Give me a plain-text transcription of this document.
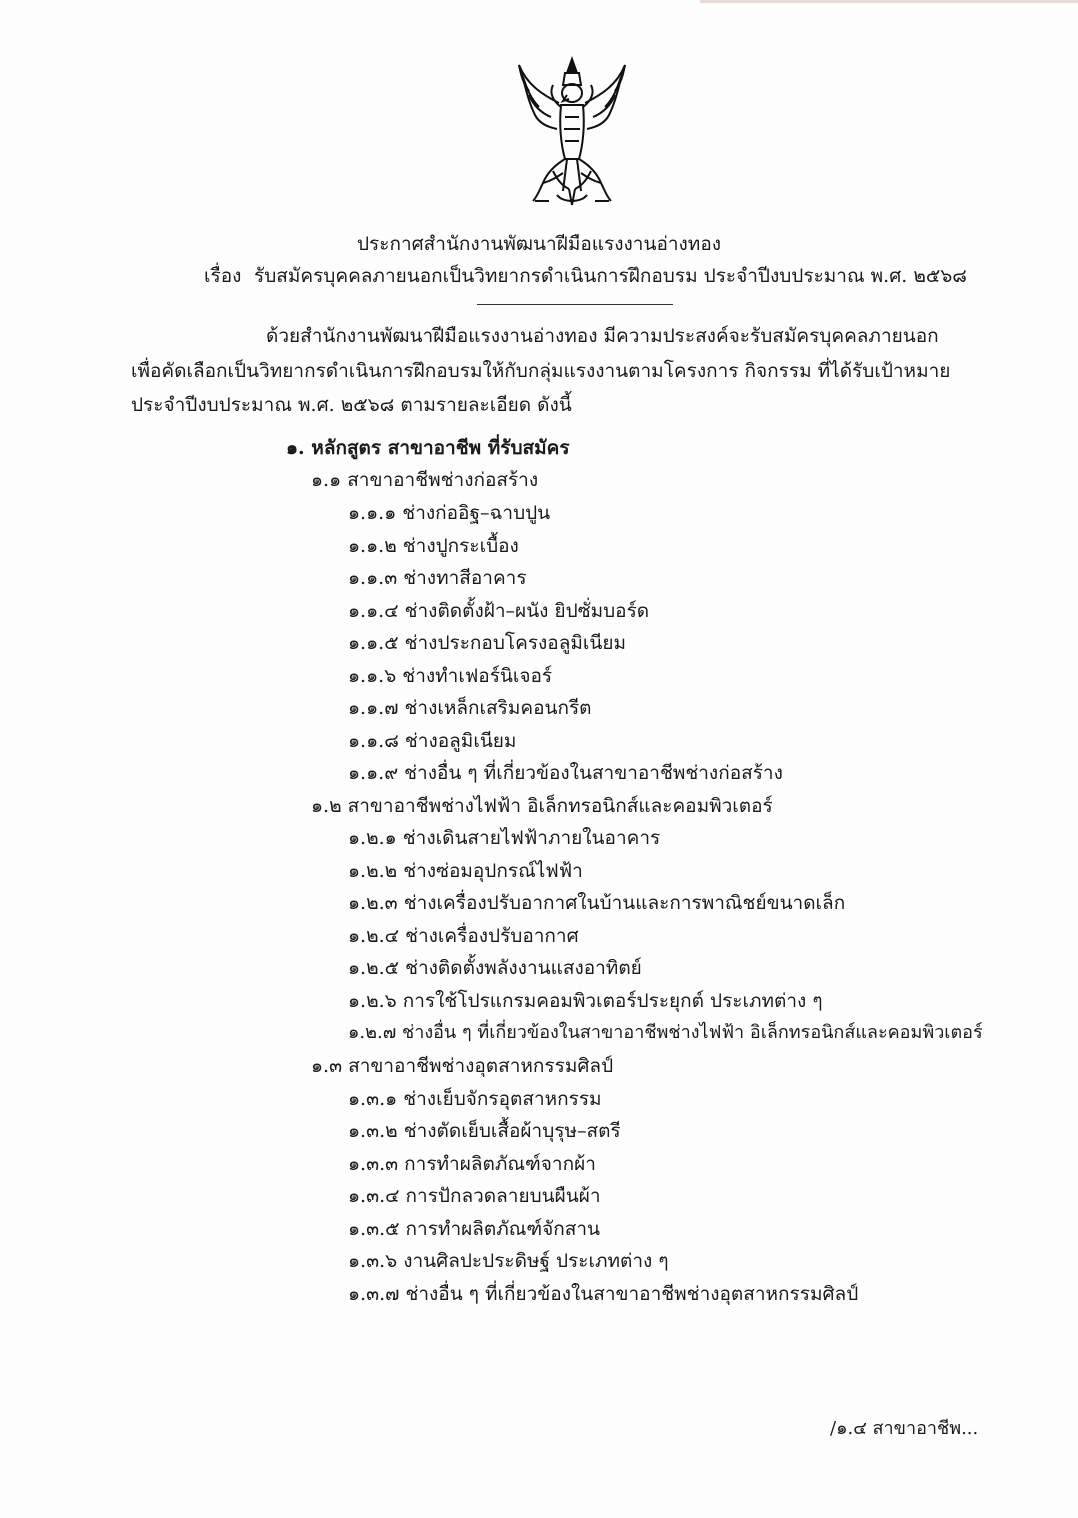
ประกาศสำนักงานพัฒนาฝีมือแรงงานอ่างทอง
เรื่อง รับสมัครบุคคลภายนอกเป็นวิทยากรดำเนินการฝึกอบรม ประจำปีงบประมาณ พ.ศ. ๒๕๖๘
ด้วยสำนักงานพัฒนาฝีมือแรงงานอ่างทอง มีความประสงค์จะรับสมัครบุคคลภายนอก
เพื่อคัดเลือกเป็นวิทยากรดำเนินการฝึกอบรมให้กับกลุ่มแรงงานตามโครงการ กิจกรรม ที่ได้รับเป้าหมาย
ประจำปีงบประมาณ พ.ศ. ๒๕๖๘ ตามรายละเอียด ดังนี้
๑. หลักสูตร สาขาอาชีพ ที่รับสมัคร
๑.๑ สาขาอาชีพช่างก่อสร้าง
๑.๑.๑ ช่างก่ออิฐ–ฉาบปูน
๑.๑.๒ ช่างปูกระเบื้อง
๑.๑.๓ ช่างทาสีอาคาร
๑.๑.๔ ช่างติดตั้งฝ้า–ผนัง ยิปซั่มบอร์ด
๑.๑.๕ ช่างประกอบโครงอลูมิเนียม
๑.๑.๖ ช่างทำเฟอร์นิเจอร์
๑.๑.๗ ช่างเหล็กเสริมคอนกรีต
๑.๑.๘ ช่างอลูมิเนียม
๑.๑.๙ ช่างอื่น ๆ ที่เกี่ยวข้องในสาขาอาชีพช่างก่อสร้าง
๑.๒ สาขาอาชีพช่างไฟฟ้า อิเล็กทรอนิกส์และคอมพิวเตอร์
๑.๒.๑ ช่างเดินสายไฟฟ้าภายในอาคาร
๑.๒.๒ ช่างซ่อมอุปกรณ์ไฟฟ้า
๑.๒.๓ ช่างเครื่องปรับอากาศในบ้านและการพาณิชย์ขนาดเล็ก
๑.๒.๔ ช่างเครื่องปรับอากาศ
๑.๒.๕ ช่างติดตั้งพลังงานแสงอาทิตย์
๑.๒.๖ การใช้โปรแกรมคอมพิวเตอร์ประยุกต์ ประเภทต่าง ๆ
๑.๒.๗ ช่างอื่น ๆ ที่เกี่ยวข้องในสาขาอาชีพช่างไฟฟ้า อิเล็กทรอนิกส์และคอมพิวเตอร์
๑.๓ สาขาอาชีพช่างอุตสาหกรรมศิลป์
๑.๓.๑ ช่างเย็บจักรอุตสาหกรรม
๑.๓.๒ ช่างตัดเย็บเสื้อผ้าบุรุษ–สตรี
๑.๓.๓ การทำผลิตภัณฑ์จากผ้า
๑.๓.๔ การปักลวดลายบนผืนผ้า
๑.๓.๕ การทำผลิตภัณฑ์จักสาน
๑.๓.๖ งานศิลปะประดิษฐ์ ประเภทต่าง ๆ
๑.๓.๗ ช่างอื่น ๆ ที่เกี่ยวข้องในสาขาอาชีพช่างอุตสาหกรรมศิลป์
/๑.๔ สาขาอาชีพ...
